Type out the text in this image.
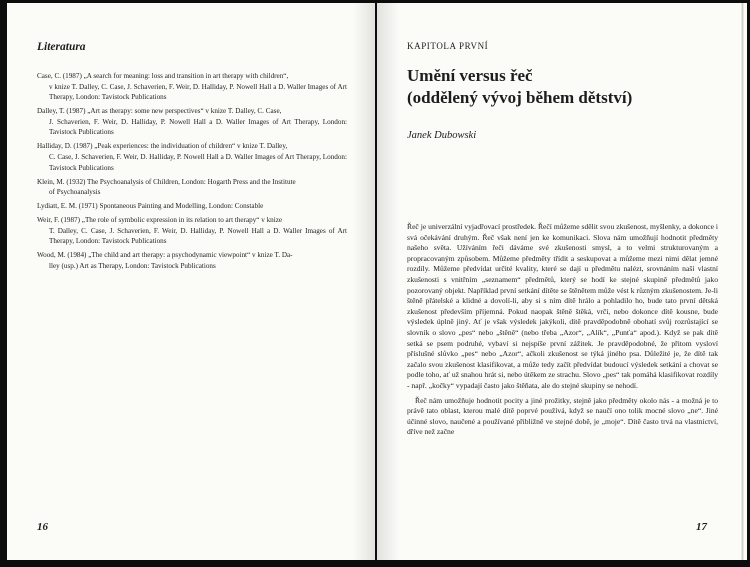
Literatura

Case, C. (1987) „A search for meaning: loss and transition in art therapy with children“,
v knize T. Dalley, C. Case, J. Schaverien, F. Weir, D. Halliday, P. Nowell Hall a D. Waller Images of Art Therapy, London: Tavistock Publications

Dalley, T. (1987) „Art as therapy: some new perspectives“ v knize T. Dalley, C. Case,
J. Schaverien, F. Weir, D. Halliday, P. Nowell Hall a D. Waller Images of Art Therapy, London: Tavistock Publications

Halliday, D. (1987) „Peak experiences: the individuation of children“ v knize T. Dalley,
C. Case, J. Schaverien, F. Weir, D. Halliday, P. Nowell Hall a D. Waller Images of Art Therapy, London: Tavistock Publications

Klein, M. (1932) The Psychoanalysis of Children, London: Hogarth Press and the Institute
of Psychoanalysis

Lydiatt, E. M. (1971) Spontaneous Painting and Modelling, London: Constable

Weir, F. (1987) „The role of symbolic expression in its relation to art therapy“ v knize
T. Dalley, C. Case, J. Schaverien, F. Weir, D. Halliday, P. Nowell Hall a D. Waller Images of Art Therapy, London: Tavistock Publications

Wood, M. (1984) „The child and art therapy: a psychodynamic viewpoint“ v knize T. Da-
lley (usp.) Art as Therapy, London: Tavistock Publications

16
KAPITOLA PRVNÍ
Umění versus řeč
(oddělený vývoj během dětství)
Janek Dubowski

Řeč je univerzální vyjadřovací prostředek. Řečí můžeme sdělit svou zkušenost, myšlenky, a dokonce i svá očekávání druhým. Řeč však není jen ke komunikaci. Slova nám umožňují hodnotit předměty našeho světa. Užíváním řeči dáváme své zkušenosti smysl, a to velmi strukturovaným a propracovaným způsobem. Můžeme předměty třídit a seskupovat a můžeme mezi nimi dělat jemné rozdíly. Můžeme předvídat určité kvality, které se dají u předmětu nalézt, srovnáním naší vlastní zkušenosti s vnitřním „seznamem“ předmětů, který se hodí ke stejné skupině předmětů jako pozorovaný objekt. Například první setkání dítěte se štěnětem může vést k různým zkušenostem. Je-li štěně přátelské a klidné a dovolí-li, aby si s ním dítě hrálo a pohladilo ho, bude tato první dětská zkušenost především příjemná. Pokud naopak štěně štěká, vrčí, nebo dokonce dítě kousne, bude výsledek úplně jiný. Ať je však výsledek jakýkoli, dítě pravděpodobně obohatí svůj rozrůstající se slovník o slovo „pes“ nebo „štěně“ (nebo třeba „Azor“, „Alík“, „Punťa“ apod.). Když se pak dítě setká se psem podruhé, vybaví si nejspíše první zážitek. Je pravděpodobné, že přitom vysloví příslušné slůvko „pes“ nebo „Azor“, ačkoli zkušenost se týká jiného psa. Důležité je, že dítě tak začalo svou zkušenost klasifikovat, a může tedy začít předvídat budoucí výsledek setkání a chovat se podle toho, ať už snahou hrát si, nebo útěkem ze strachu. Slovo „pes“ tak pomáhá klasifikovat rozdíly - např. „kočky“ vypadají často jako štěňata, ale do stejné skupiny se nehodí.

Řeč nám umožňuje hodnotit pocity a jiné prožitky, stejně jako předměty okolo nás - a možná je to právě tato oblast, kterou malé dítě poprvé používá, když se naučí ono tolik mocné slovo „ne“. Jiné účinné slovo, naučené a používané přibližně ve stejné době, je „moje“. Dítě často trvá na vlastnictví, dříve než začne

17
